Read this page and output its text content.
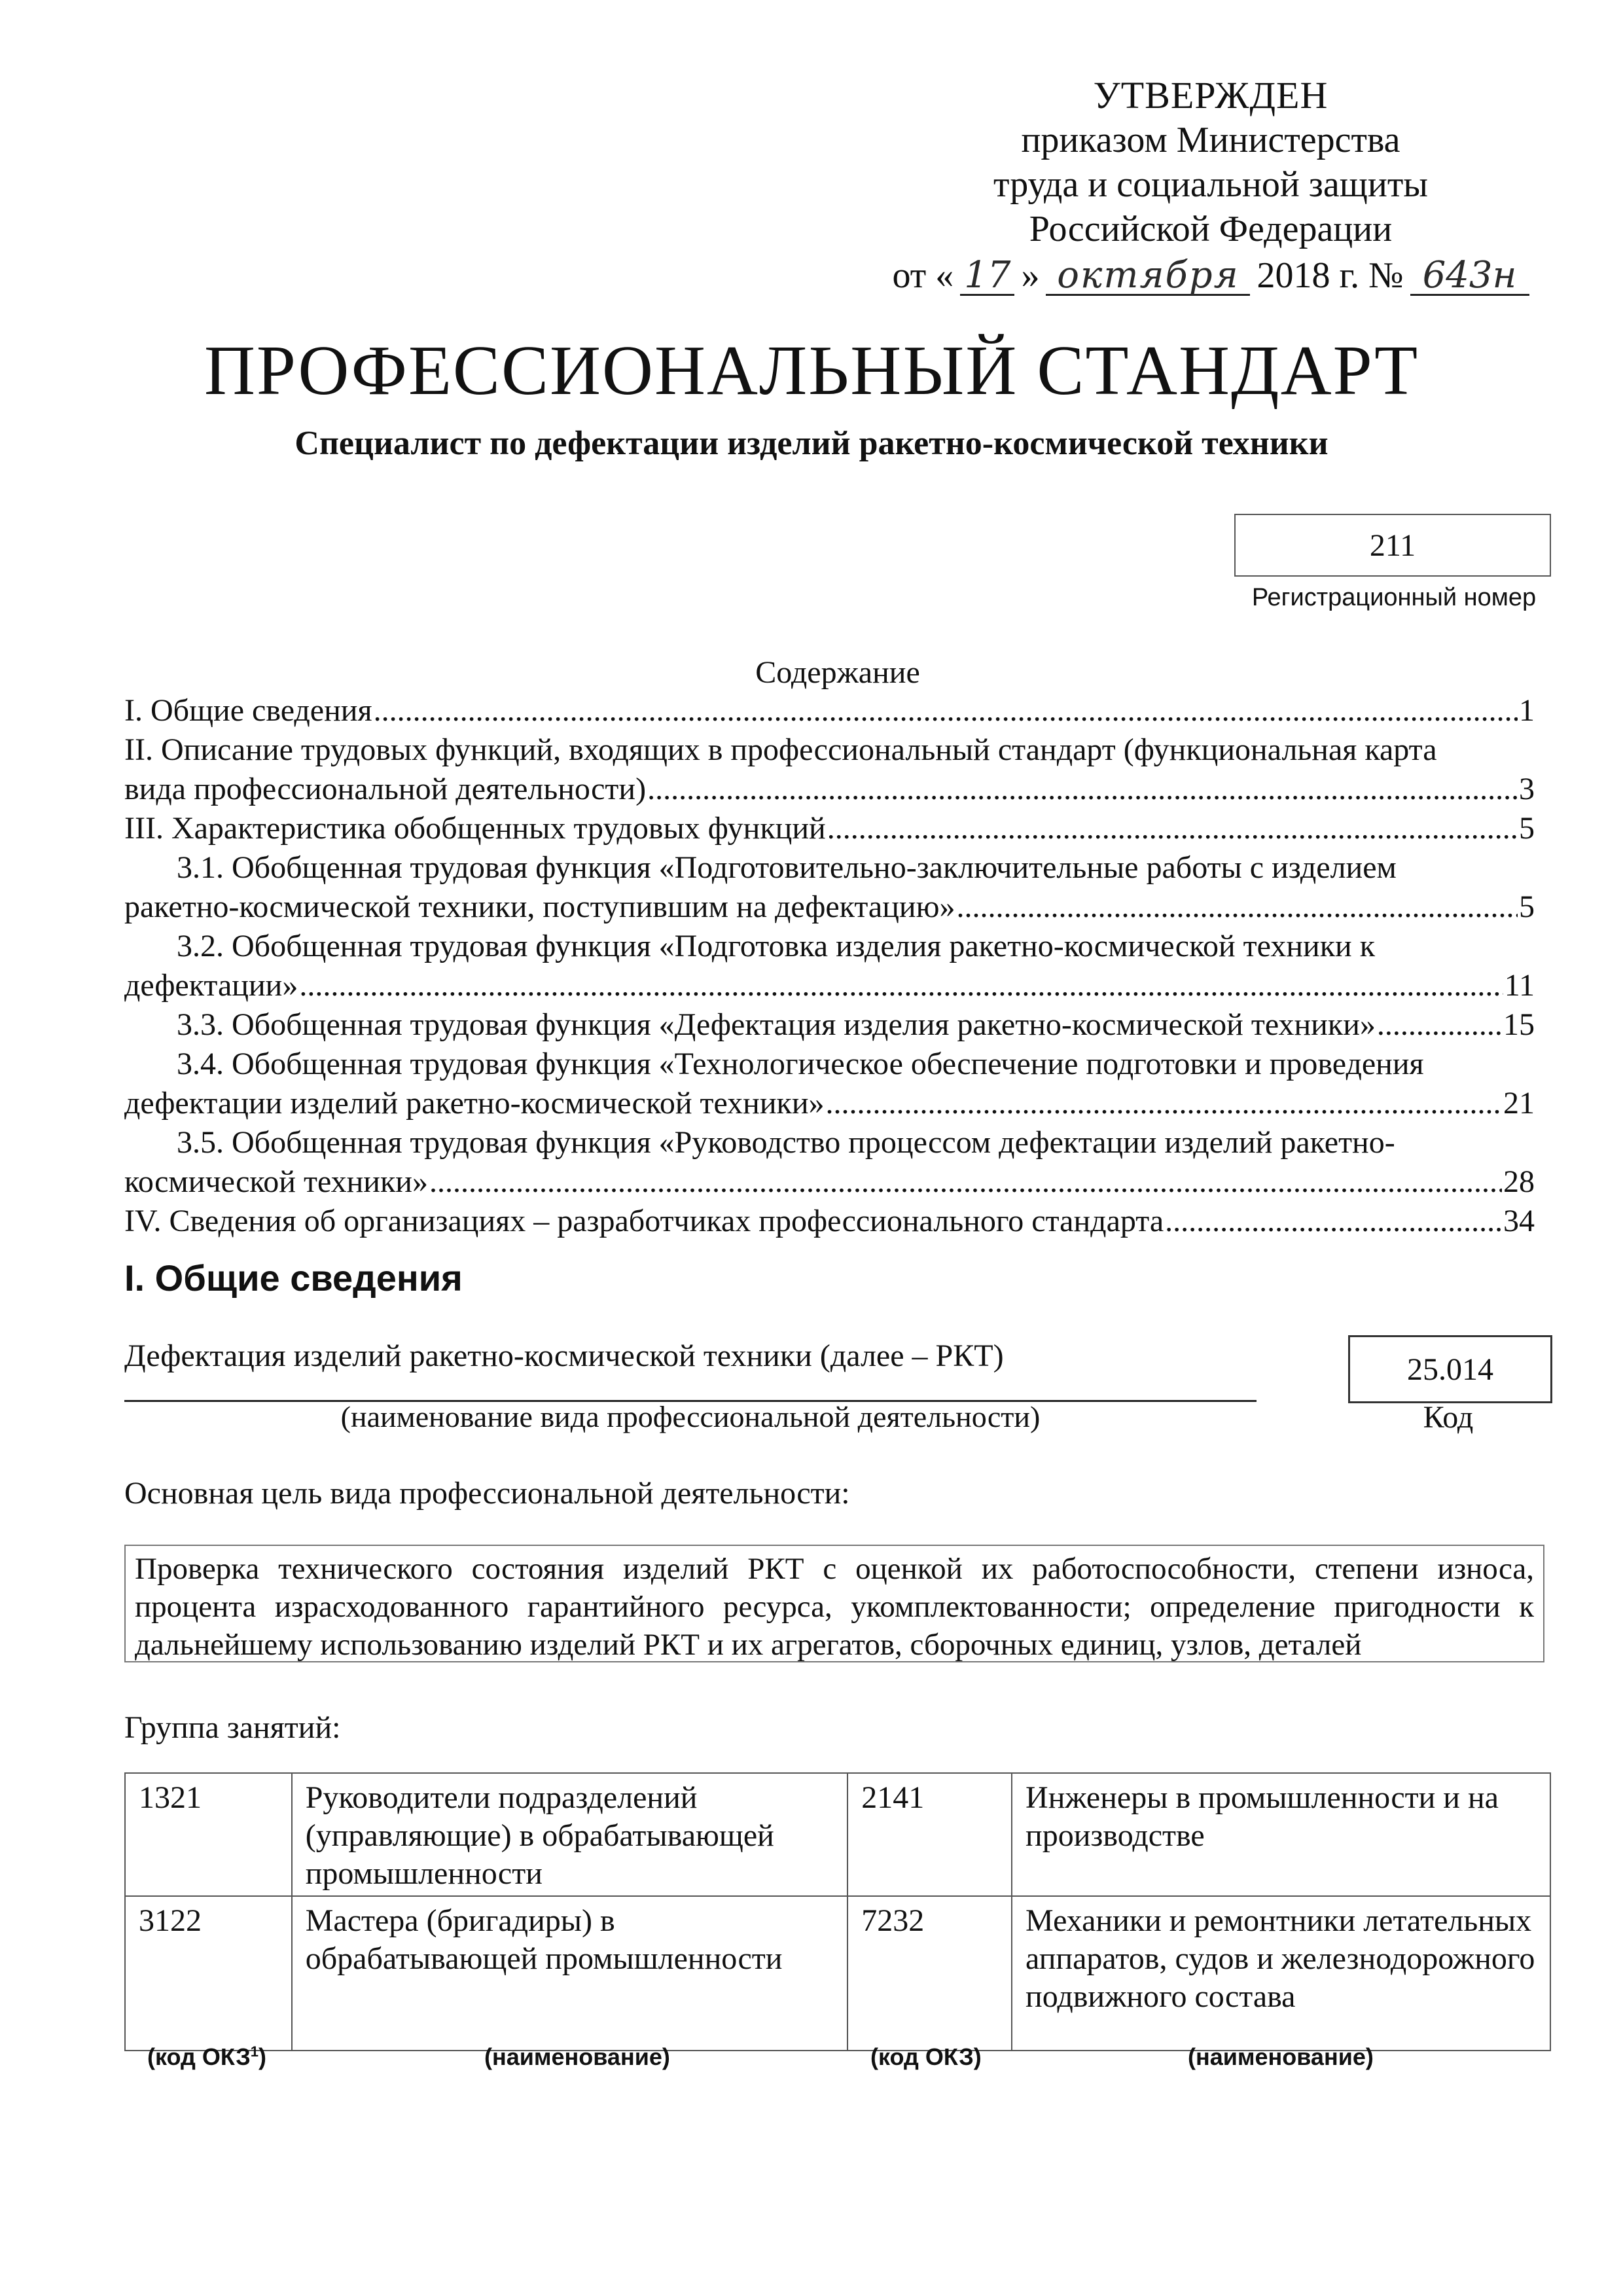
УТВЕРЖДЕН
приказом Министерства
труда и социальной защиты
Российской Федерации
от « 17 » октября 2018 г. № 643н
ПРОФЕССИОНАЛЬНЫЙ СТАНДАРТ
Специалист по дефектации изделий ракетно-космической техники
211
Регистрационный номер
Содержание
I. Общие сведения .....	1
II. Описание трудовых функций, входящих в профессиональный стандарт (функциональная карта
вида профессиональной деятельности) .....	3
III. Характеристика обобщенных трудовых функций .....	5
3.1. Обобщенная трудовая функция «Подготовительно-заключительные работы с изделием
ракетно-космической техники, поступившим на дефектацию» .....	5
3.2. Обобщенная трудовая функция «Подготовка изделия ракетно-космической техники к
дефектации» .....	11
3.3. Обобщенная трудовая функция «Дефектация изделия ракетно-космической техники» .....	15
3.4. Обобщенная трудовая функция «Технологическое обеспечение подготовки и проведения
дефектации изделий ракетно-космической техники» .....	21
3.5. Обобщенная трудовая функция «Руководство процессом дефектации изделий ракетно-
космической техники» .....	28
IV. Сведения об организациях – разработчиках профессионального стандарта .....	34
I. Общие сведения
Дефектация изделий ракетно-космической техники (далее – РКТ)
(наименование вида профессиональной деятельности)
25.014
Код
Основная цель вида профессиональной деятельности:
Проверка технического состояния изделий РКТ с оценкой их работоспособности, степени износа, процента израсходованного гарантийного ресурса, укомплектованности; определение пригодности к дальнейшему использованию изделий РКТ и их агрегатов, сборочных единиц, узлов, деталей
Группа занятий:
1321	Руководители подразделений (управляющие) в обрабатывающей промышленности	2141	Инженеры в промышленности и на производстве
3122	Мастера (бригадиры) в обрабатывающей промышленности	7232	Механики и ремонтники летательных аппаратов, судов и железнодорожного подвижного состава
(код ОКЗ$^1$)	(наименование)	(код ОКЗ)	(наименование)
